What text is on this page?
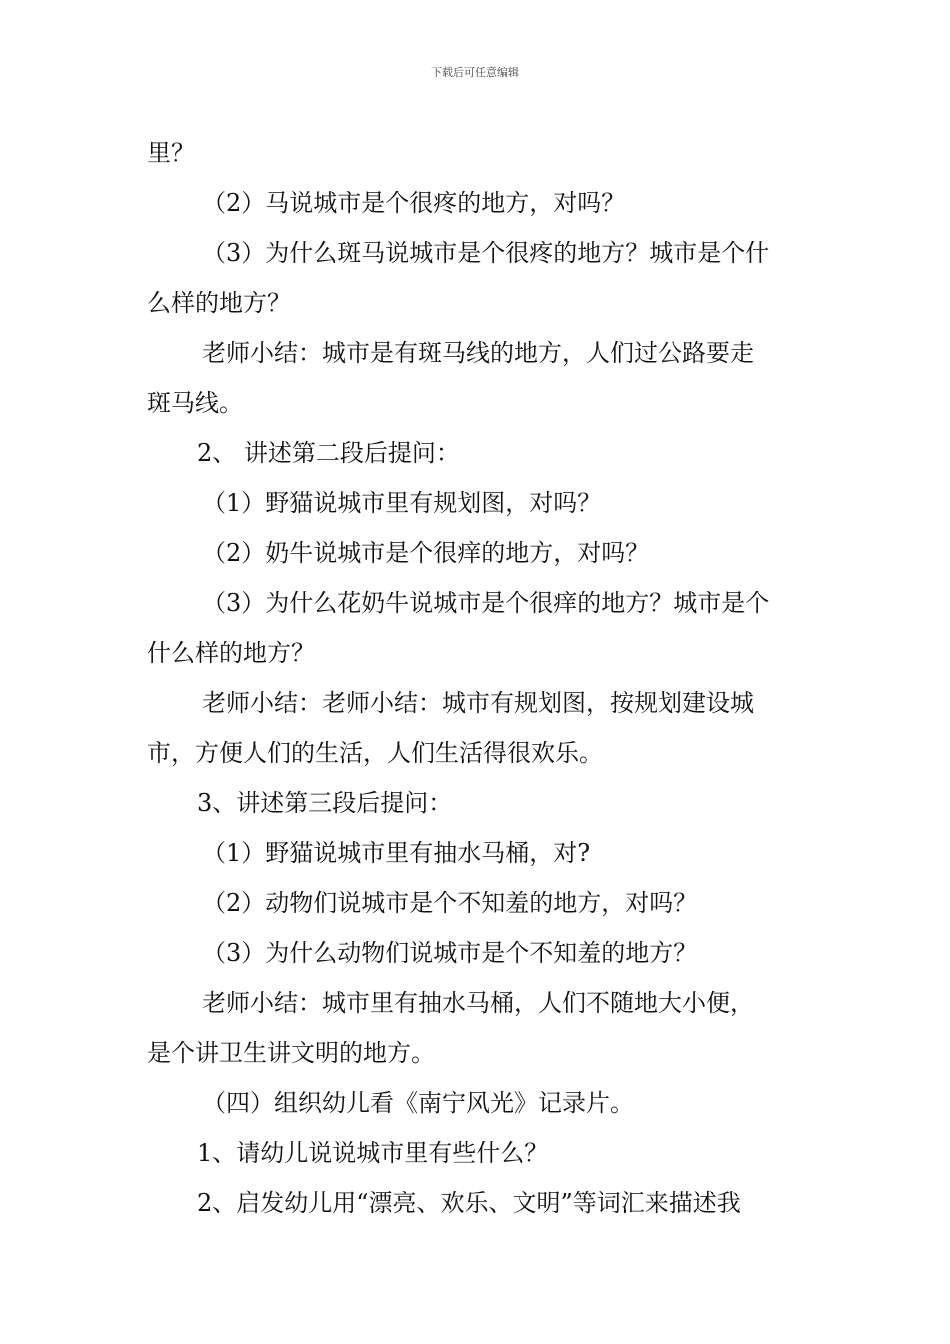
下载后可任意编辑
里？
（2）马说城市是个很疼的地方，对吗？
（3）为什么斑马说城市是个很疼的地方？城市是个什
么样的地方？
老师小结：城市是有斑马线的地方，人们过公路要走
斑马线。
2、 讲述第二段后提问：
（1）野猫说城市里有规划图，对吗？
（2）奶牛说城市是个很痒的地方，对吗？
（3）为什么花奶牛说城市是个很痒的地方？城市是个
什么样的地方？
老师小结：老师小结：城市有规划图，按规划建设城
市，方便人们的生活，人们生活得很欢乐。
3、讲述第三段后提问：
（1）野猫说城市里有抽水马桶，对?
（2）动物们说城市是个不知羞的地方，对吗？
（3）为什么动物们说城市是个不知羞的地方？
老师小结：城市里有抽水马桶，人们不随地大小便，
是个讲卫生讲文明的地方。
（四）组织幼儿看《南宁风光》记录片。
1、请幼儿说说城市里有些什么？
2、启发幼儿用“漂亮、欢乐、文明”等词汇来描述我
